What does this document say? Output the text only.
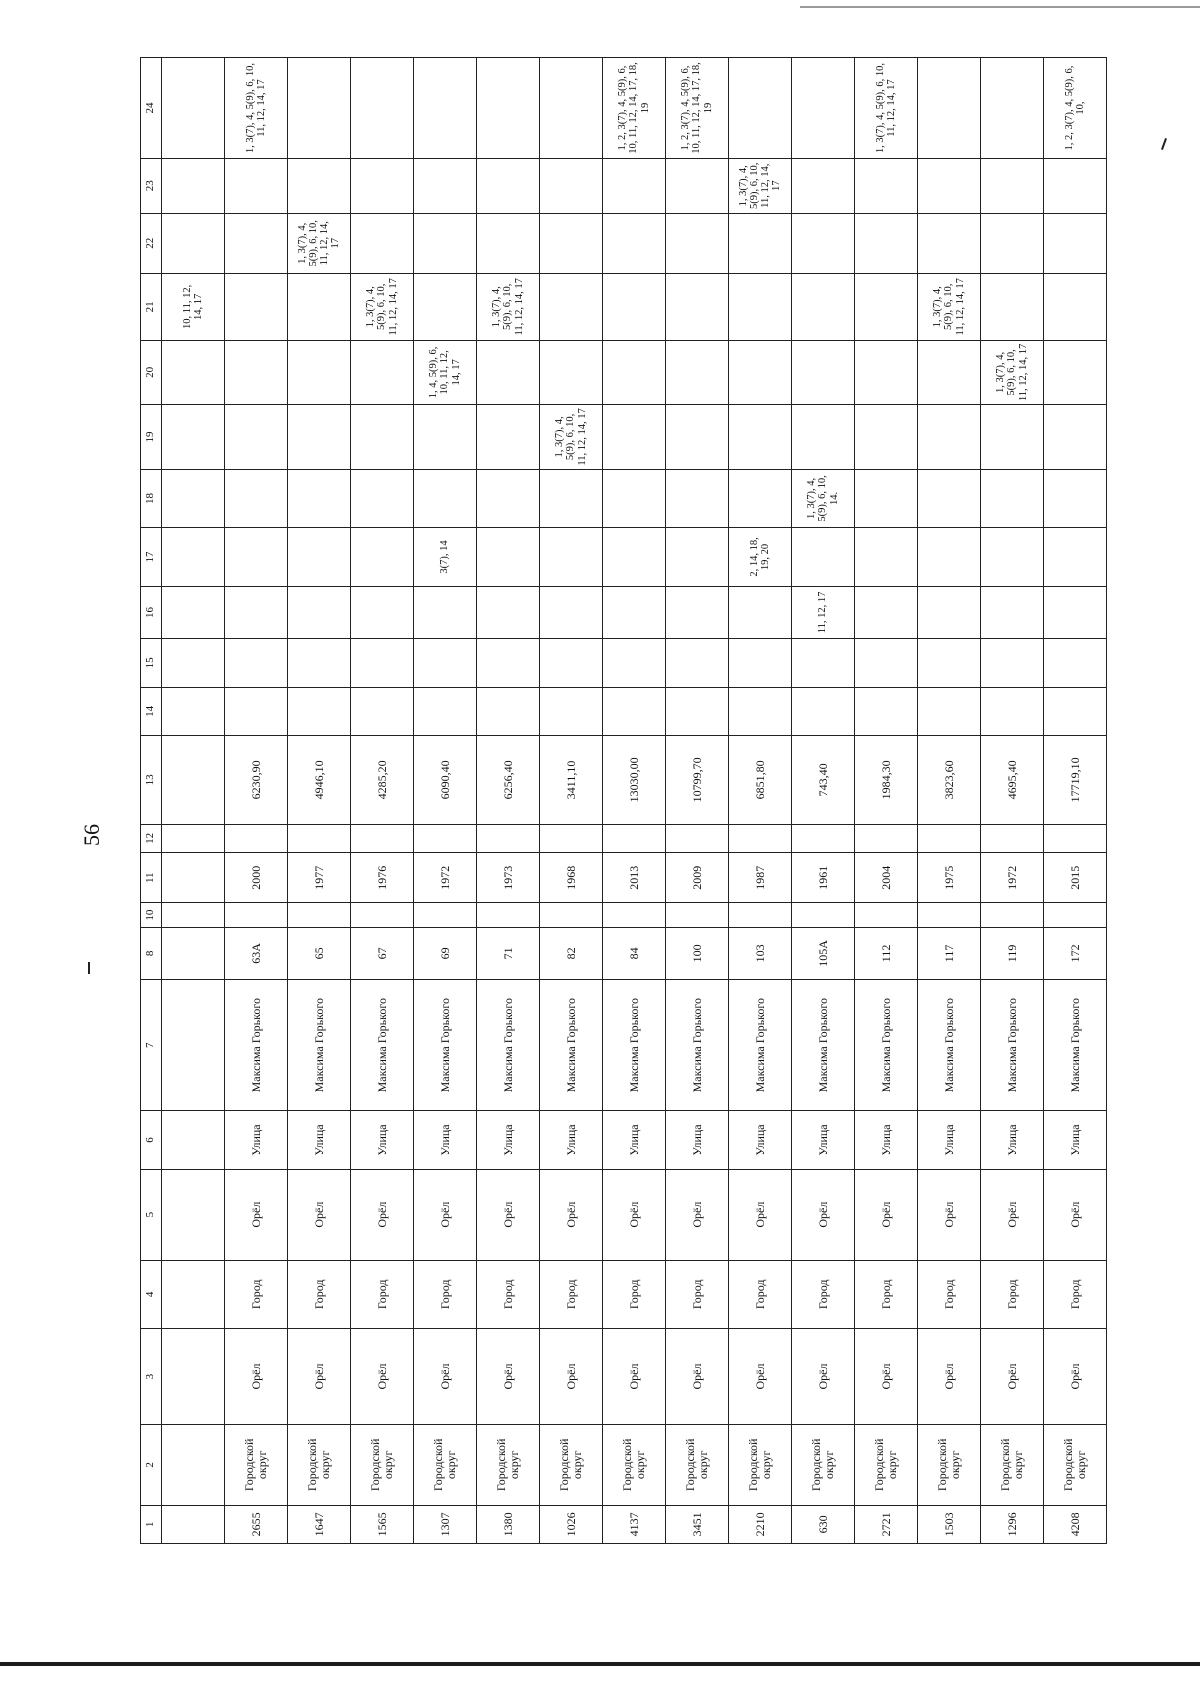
56
1	2	3	4	5	6	7	8	10	11	12	13	14	15	16	17	18	19	20	21	22	23	24
																			10, 11, 12, 14, 17			
2655	Городской округ	Орёл	Город	Орёл	Улица	Максима Горького	63А		2000		6230,90											1, 3(7), 4, 5(9), 6, 10, 11, 12, 14, 17
1647	Городской округ	Орёл	Город	Орёл	Улица	Максима Горького	65		1977		4946,10									1, 3(7), 4, 5(9), 6, 10, 11, 12, 14, 17		
1565	Городской округ	Орёл	Город	Орёл	Улица	Максима Горького	67		1976		4285,20								1, 3(7), 4, 5(9), 6, 10, 11, 12, 14, 17			
1307	Городской округ	Орёл	Город	Орёл	Улица	Максима Горького	69		1972		6090,40				3(7), 14			1, 4, 5(9), 6, 10, 11, 12, 14, 17				
1380	Городской округ	Орёл	Город	Орёл	Улица	Максима Горького	71		1973		6256,40								1, 3(7), 4, 5(9), 6, 10, 11, 12, 14, 17			
1026	Городской округ	Орёл	Город	Орёл	Улица	Максима Горького	82		1968		3411,10						1, 3(7), 4, 5(9), 6, 10, 11, 12, 14, 17					
4137	Городской округ	Орёл	Город	Орёл	Улица	Максима Горького	84		2013		13030,00											1, 2, 3(7), 4, 5(9), 6, 10, 11, 12, 14, 17, 18, 19
3451	Городской округ	Орёл	Город	Орёл	Улица	Максима Горького	100		2009		10799,70											1, 2, 3(7), 4, 5(9), 6, 10, 11, 12, 14, 17, 18, 19
2210	Городской округ	Орёл	Город	Орёл	Улица	Максима Горького	103		1987		6851,80				2, 14, 18, 19, 20						1, 3(7), 4, 5(9), 6, 10, 11, 12, 14, 17	
630	Городской округ	Орёл	Город	Орёл	Улица	Максима Горького	105А		1961		743,40			11, 12, 17		1, 3(7), 4, 5(9), 6, 10, 14.						
2721	Городской округ	Орёл	Город	Орёл	Улица	Максима Горького	112		2004		1984,30											1, 3(7), 4, 5(9), 6, 10, 11, 12, 14, 17
1503	Городской округ	Орёл	Город	Орёл	Улица	Максима Горького	117		1975		3823,60								1, 3(7), 4, 5(9), 6, 10, 11, 12, 14, 17			
1296	Городской округ	Орёл	Город	Орёл	Улица	Максима Горького	119		1972		4695,40							1, 3(7), 4, 5(9), 6, 10, 11, 12, 14, 17				
4208	Городской округ	Орёл	Город	Орёл	Улица	Максима Горького	172		2015		17719,10											1, 2, 3(7), 4, 5(9), 6, 10,
